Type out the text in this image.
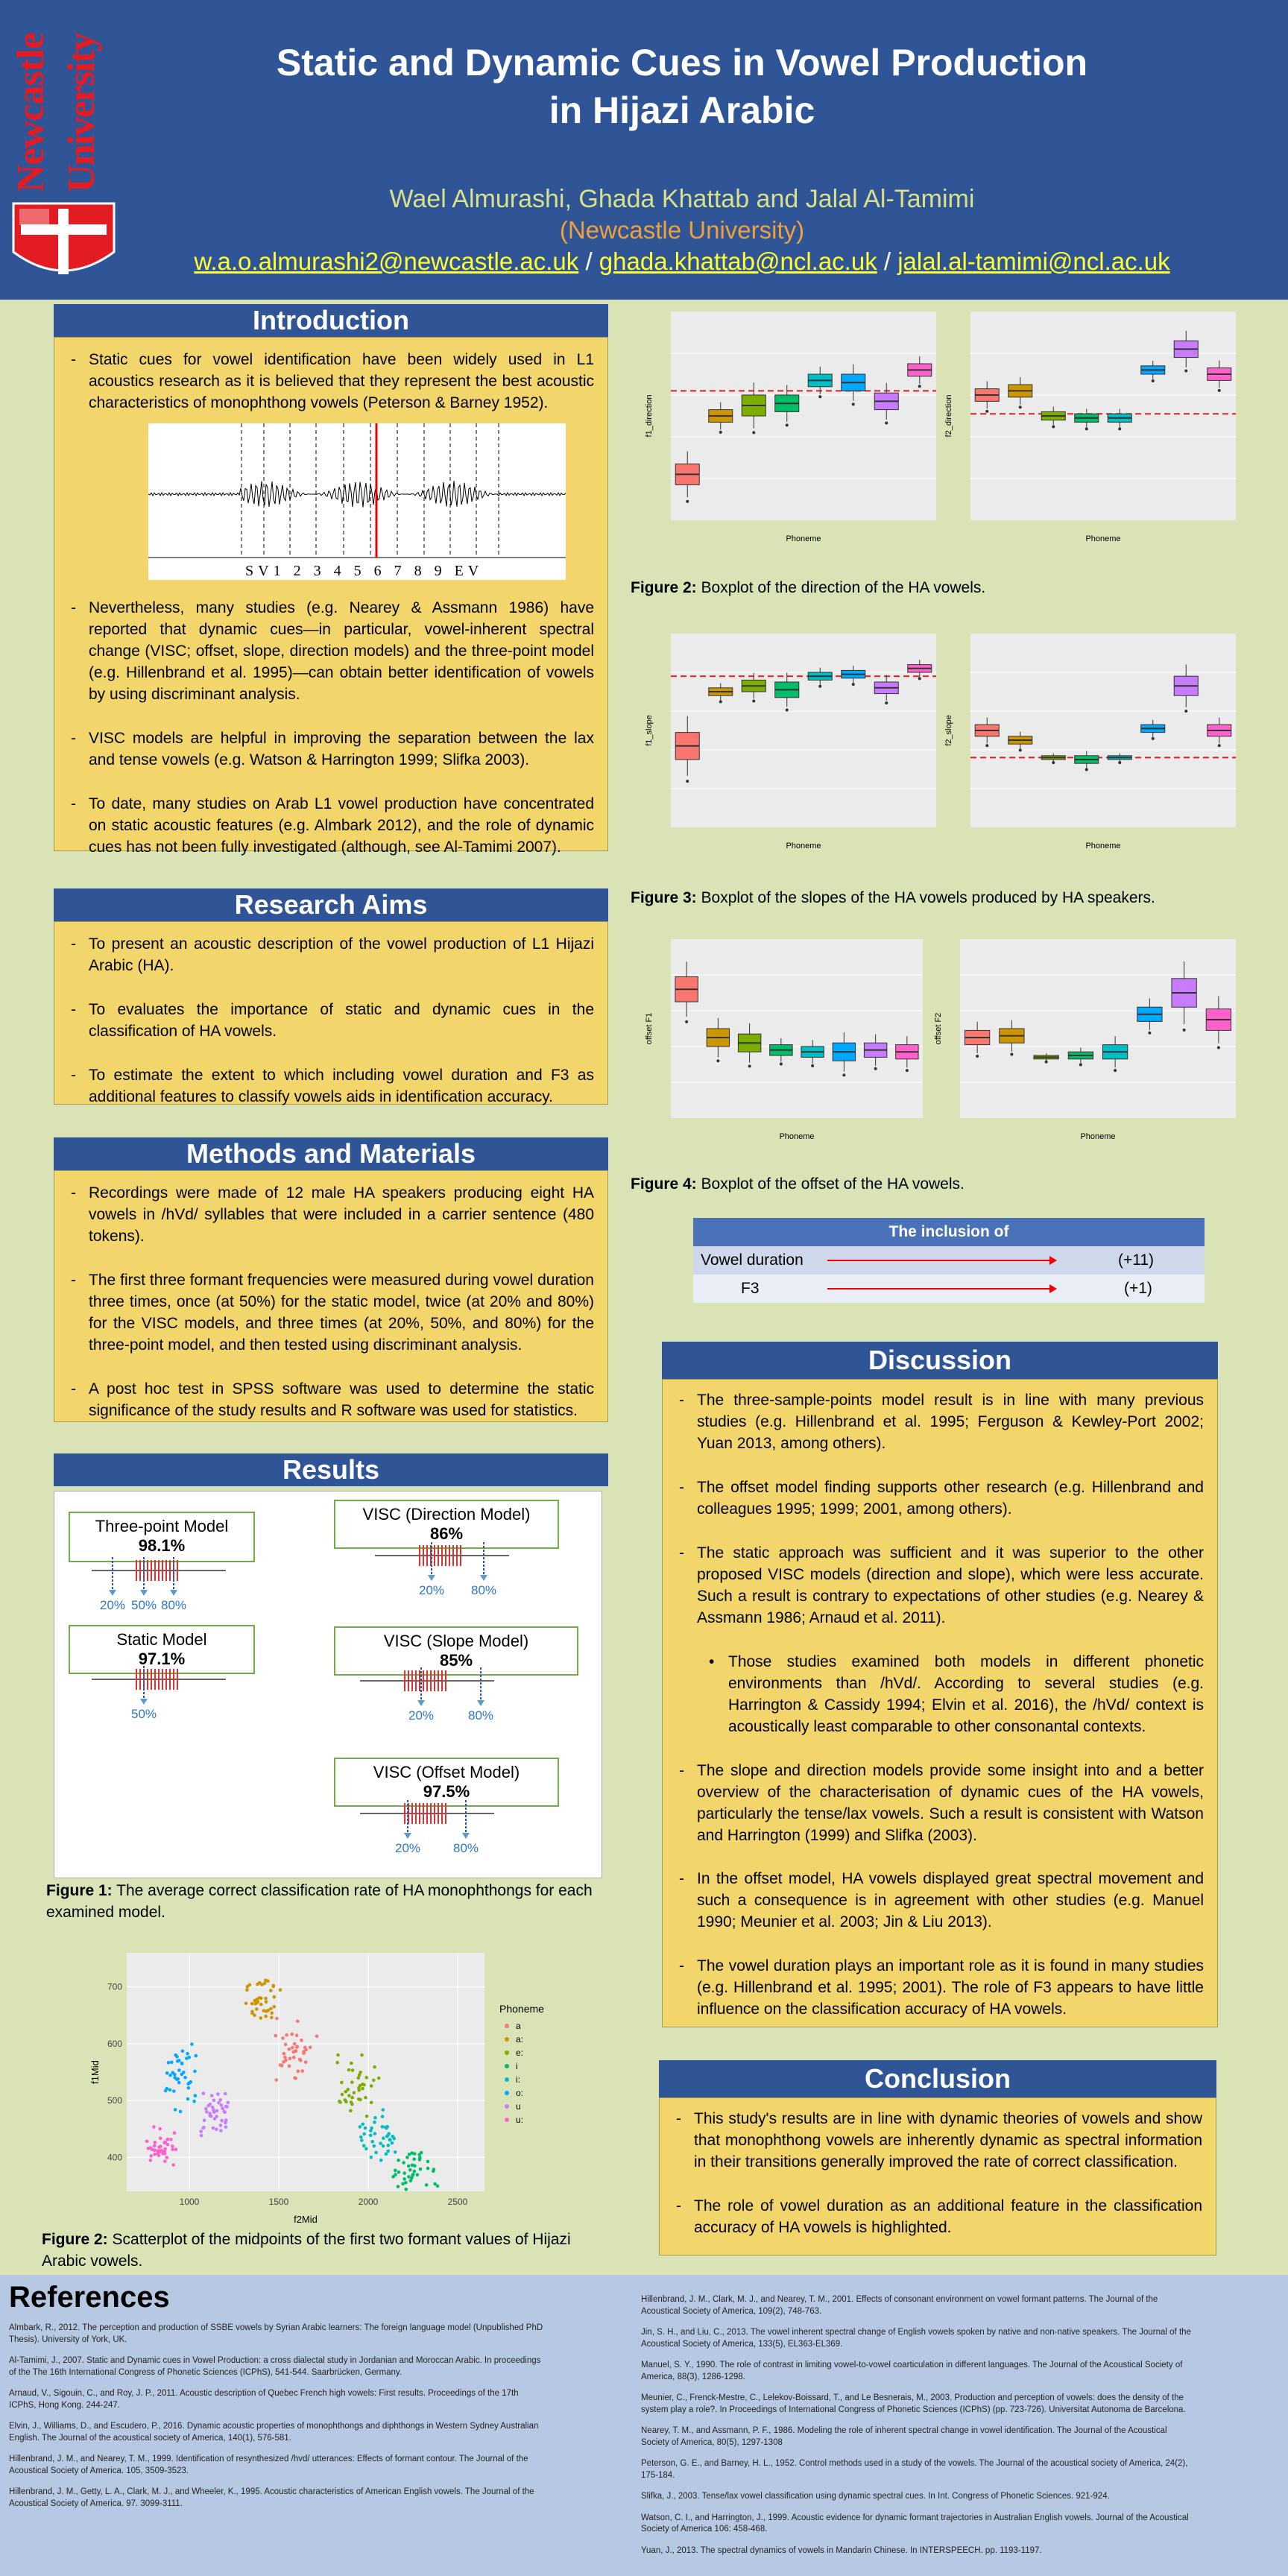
Newcastle
University	Static and Dynamic Cues in Vowel Production
in Hijazi Arabic
Wael Almurashi, Ghada Khattab and Jalal Al-Tamimi
(Newcastle University)
w.a.o.almurashi2@newcastle.ac.uk / ghada.khattab@ncl.ac.uk / jalal.al-tamimi@ncl.ac.uk
Introduction
- Static cues for vowel identification have been widely used in L1 acoustics research as it is believed that they represent the best acoustic characteristics of monophthong vowels (Peterson & Barney 1952).
SV1 2 3 4 5 6 7 8 9 EV
- Nevertheless, many studies (e.g. Nearey & Assmann 1986) have reported that dynamic cues—in particular, vowel-inherent spectral change (VISC; offset, slope, direction models) and the three-point model (e.g. Hillenbrand et al. 1995)—can obtain better identification of vowels by using discriminant analysis.
- VISC models are helpful in improving the separation between the lax and tense vowels (e.g. Watson & Harrington 1999; Slifka 2003).
- To date, many studies on Arab L1 vowel production have concentrated on static acoustic features (e.g. Almbark 2012), and the role of dynamic cues has not been fully investigated (although, see Al-Tamimi 2007).
Research Aims
- To present an acoustic description of the vowel production of L1 Hijazi Arabic (HA).
- To evaluates the importance of static and dynamic cues in the classification of HA vowels.
- To estimate the extent to which including vowel duration and F3 as additional features to classify vowels aids in identification accuracy.
Methods and Materials
- Recordings were made of 12 male HA speakers producing eight HA vowels in /hVd/ syllables that were included in a carrier sentence (480 tokens).
- The first three formant frequencies were measured during vowel duration three times, once (at 50%) for the static model, twice (at 20% and 80%) for the VISC models, and three times (at 20%, 50%, and 80%) for the three-point model, and then tested using discriminant analysis.
- A post hoc test in SPSS software was used to determine the static significance of the study results and R software was used for statistics.
Results
Three-point Model
98.1%
20% 50% 80%
Static Model
97.1%
50%
VISC (Direction Model)
86%
20% 80%
VISC (Slope Model)
85%
20%	80%
VISC (Offset Model)
97.5%
20%	80%
Figure 1: The average correct classification rate of HA monophthongs for each examined model.
1000	1500	2000	2500
700
600
500
400
f2Mid
f1Mid
Phoneme
a
a:
e:
i
i:
o:
u
u:
Figure 2: Scatterplot of the midpoints of the first two formant values of Hijazi Arabic vowels.
f1_direction
Phoneme
f2_direction
Phoneme
Figure 2: Boxplot of the direction of the HA vowels.
f1_slope
Phoneme
f2_slope
Phoneme
Figure 3: Boxplot of the slopes of the HA vowels produced by HA speakers.
offset F1
Phoneme
offset F2
Phoneme
Figure 4: Boxplot of the offset of the HA vowels.
The inclusion of
Vowel duration	(+11)
F3	(+1)
Discussion
- The three-sample-points model result is in line with many previous studies (e.g. Hillenbrand et al. 1995; Ferguson & Kewley-Port 2002; Yuan 2013, among others).
- The offset model finding supports other research (e.g. Hillenbrand and colleagues 1995; 1999; 2001, among others).
- The static approach was sufficient and it was superior to the other proposed VISC models (direction and slope), which were less accurate. Such a result is contrary to expectations of other studies (e.g. Nearey & Assmann 1986; Arnaud et al. 2011).
• Those studies examined both models in different phonetic environments than /hVd/. According to several studies (e.g. Harrington & Cassidy 1994; Elvin et al. 2016), the /hVd/ context is acoustically least comparable to other consonantal contexts.
- The slope and direction models provide some insight into and a better overview of the characterisation of dynamic cues of the HA vowels, particularly the tense/lax vowels. Such a result is consistent with Watson and Harrington (1999) and Slifka (2003).
- In the offset model, HA vowels displayed great spectral movement and such a consequence is in agreement with other studies (e.g. Manuel 1990; Meunier et al. 2003; Jin & Liu 2013).
- The vowel duration plays an important role as it is found in many studies (e.g. Hillenbrand et al. 1995; 2001). The role of F3 appears to have little influence on the classification accuracy of HA vowels.
Conclusion
- This study's results are in line with dynamic theories of vowels and show that monophthong vowels are inherently dynamic as spectral information in their transitions generally improved the rate of correct classification.
- The role of vowel duration as an additional feature in the classification accuracy of HA vowels is highlighted.
References
Almbark, R., 2012. The perception and production of SSBE vowels by Syrian Arabic learners: The foreign language model (Unpublished PhD Thesis). University of York, UK.
Al-Tamimi, J., 2007. Static and Dynamic cues in Vowel Production: a cross dialectal study in Jordanian and Moroccan Arabic. In proceedings of the The 16th International Congress of Phonetic Sciences (ICPhS), 541-544. Saarbrücken, Germany.
Arnaud, V., Sigouin, C., and Roy, J. P., 2011. Acoustic description of Quebec French high vowels: First results. Proceedings of the 17th ICPhS, Hong Kong. 244-247.
Elvin, J., Williams, D., and Escudero, P., 2016. Dynamic acoustic properties of monophthongs and diphthongs in Western Sydney Australian English. The Journal of the acoustical society of America, 140(1), 576-581.
Hillenbrand, J. M., and Nearey, T. M., 1999. Identification of resynthesized /hvd/ utterances: Effects of formant contour. The Journal of the Acoustical Society of America. 105, 3509-3523.
Hillenbrand, J. M., Getty, L. A., Clark, M. J., and Wheeler, K., 1995. Acoustic characteristics of American English vowels. The Journal of the Acoustical Society of America. 97. 3099-3111.
Hillenbrand, J. M., Clark, M. J., and Nearey, T. M., 2001. Effects of consonant environment on vowel formant patterns. The Journal of the Acoustical Society of America, 109(2), 748-763.
Jin, S. H., and Liu, C., 2013. The vowel inherent spectral change of English vowels spoken by native and non-native speakers. The Journal of the Acoustical Society of America, 133(5), EL363-EL369.
Manuel, S. Y., 1990. The role of contrast in limiting vowel-to-vowel coarticulation in different languages. The Journal of the Acoustical Society of America, 88(3), 1286-1298.
Meunier, C., Frenck-Mestre, C., Lelekov-Boissard, T., and Le Besnerais, M., 2003. Production and perception of vowels: does the density of the system play a role?. In Proceedings of International Congress of Phonetic Sciences (ICPhS) (pp. 723-726). Universitat Autonoma de Barcelona.
Nearey, T. M., and Assmann, P. F., 1986. Modeling the role of inherent spectral change in vowel identification. The Journal of the Acoustical Society of America, 80(5), 1297-1308
Peterson, G. E., and Barney, H. L., 1952. Control methods used in a study of the vowels. The Journal of the acoustical society of America, 24(2), 175-184.
Slifka, J., 2003. Tense/lax vowel classification using dynamic spectral cues. In Int. Congress of Phonetic Sciences. 921-924.
Watson, C. I., and Harrington, J., 1999. Acoustic evidence for dynamic formant trajectories in Australian English vowels. Journal of the Acoustical Society of America 106: 458-468.
Yuan, J., 2013. The spectral dynamics of vowels in Mandarin Chinese. In INTERSPEECH. pp. 1193-1197.
